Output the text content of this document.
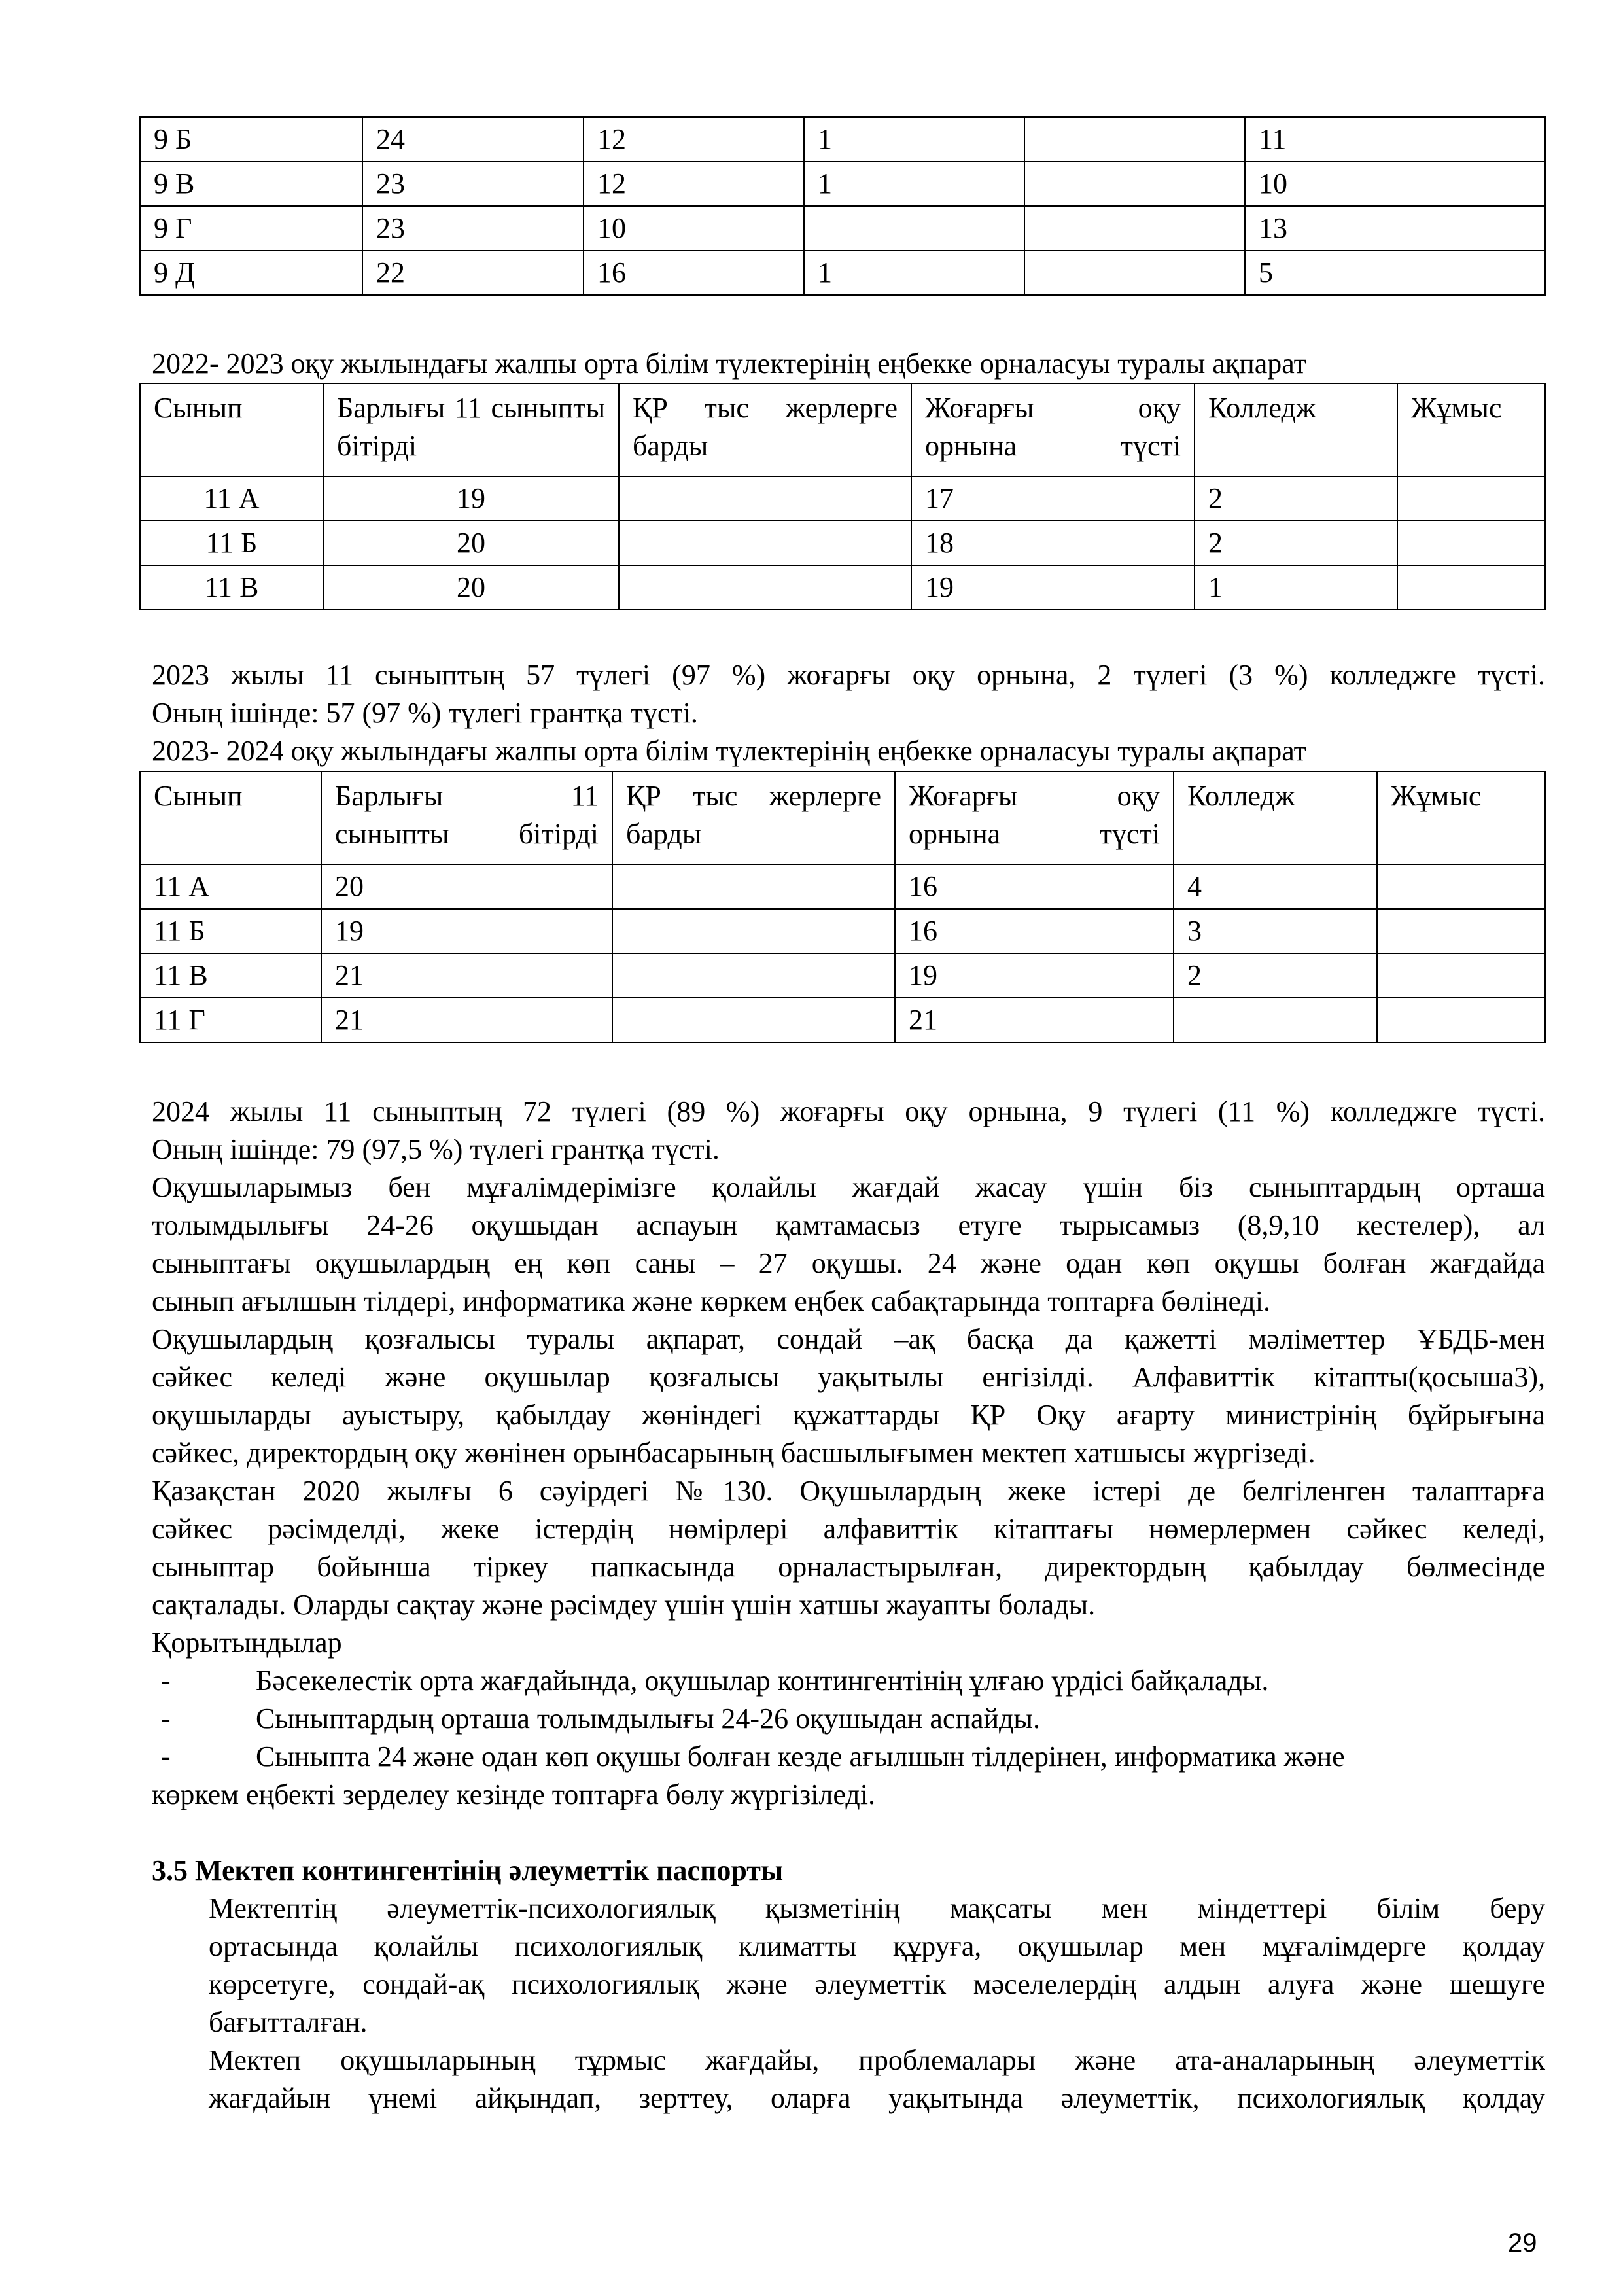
9 Б	24	12	1		11
9 В	23	12	1		10
9 Г	23	10			13
9 Д	22	16	1		5
2022- 2023 оқу жылындағы жалпы орта білім түлектерінің еңбекке орналасуы туралы ақпарат
Сынып	Барлығы 11 сыныпты бітірді	ҚР тыс жерлерге барды	Жоғарғы оқу орнына түсті	Колледж	Жұмыс
11 А	19		17	2	
11 Б	20		18	2	
11 В	20		19	1	
2023 жылы 11 сыныптың 57 түлегі (97 %) жоғарғы оқу орнына, 2 түлегі (3 %) колледжге түсті.
Оның ішінде: 57 (97 %) түлегі грантқа түсті.
2023- 2024 оқу жылындағы жалпы орта білім түлектерінің еңбекке орналасуы туралы ақпарат
Сынып	Барлығы 11 сыныпты бітірді	ҚР тыс жерлерге барды	Жоғарғы оқу орнына түсті	Колледж	Жұмыс
11 А	20		16	4	
11 Б	19		16	3	
11 В	21		19	2	
11 Г	21		21		
2024 жылы 11 сыныптың 72 түлегі (89 %) жоғарғы оқу орнына, 9 түлегі (11 %) колледжге түсті.
Оның ішінде: 79 (97,5 %) түлегі грантқа түсті.
Оқушыларымыз бен мұғалімдерімізге қолайлы жағдай жасау үшін біз сыныптардың орташа
толымдылығы 24-26 оқушыдан аспауын қамтамасыз етуге тырысамыз (8,9,10 кестелер), ал
сыныптағы оқушылардың ең көп саны – 27 оқушы. 24 және одан көп оқушы болған жағдайда
сынып ағылшын тілдері, информатика және көркем еңбек сабақтарында топтарға бөлінеді.
Оқушылардың қозғалысы туралы ақпарат, сондай –ақ басқа да қажетті мәліметтер ҰБДБ-мен
сәйкес келеді және оқушылар қозғалысы уақытылы енгізілді. Алфавиттік кітапты(қосыша3),
оқушыларды ауыстыру, қабылдау жөніндегі құжаттарды ҚР Оқу ағарту министрінің бұйрығына
сәйкес, директордың оқу жөнінен орынбасарының басшылығымен мектеп хатшысы жүргізеді.
Қазақстан 2020 жылғы 6 сәуірдегі №130. Оқушылардың жеке істері де белгіленген талаптарға
сәйкес рәсімделді, жеке істердің нөмірлері алфавиттік кітаптағы нөмерлермен сәйкес келеді,
сыныптар бойынша тіркеу папкасында орналастырылған, директордың қабылдау бөлмесінде
сақталады. Оларды сақтау және рәсімдеу үшін үшін хатшы жауапты болады.
Қорытындылар
-	Бәсекелестік орта жағдайында, оқушылар контингентінің ұлғаю үрдісі байқалады.
-	Сыныптардың орташа толымдылығы 24-26 оқушыдан аспайды.
-	Сыныпта 24 және одан көп оқушы болған кезде ағылшын тілдерінен, информатика және
көркем еңбекті зерделеу кезінде топтарға бөлу жүргізіледі.
3.5 Мектеп контингентінің әлеуметтік паспорты
Мектептің әлеуметтік-психологиялық қызметінің мақсаты мен міндеттері білім беру
ортасында қолайлы психологиялық климатты құруға, оқушылар мен мұғалімдерге қолдау
көрсетуге, сондай-ақ психологиялық және әлеуметтік мәселелердің алдын алуға және шешуге
бағытталған.
Мектеп оқушыларының тұрмыс жағдайы, проблемалары және ата-аналарының әлеуметтік
жағдайын үнемі айқындап, зерттеу, оларға уақытында әлеуметтік, психологиялық қолдау
29
